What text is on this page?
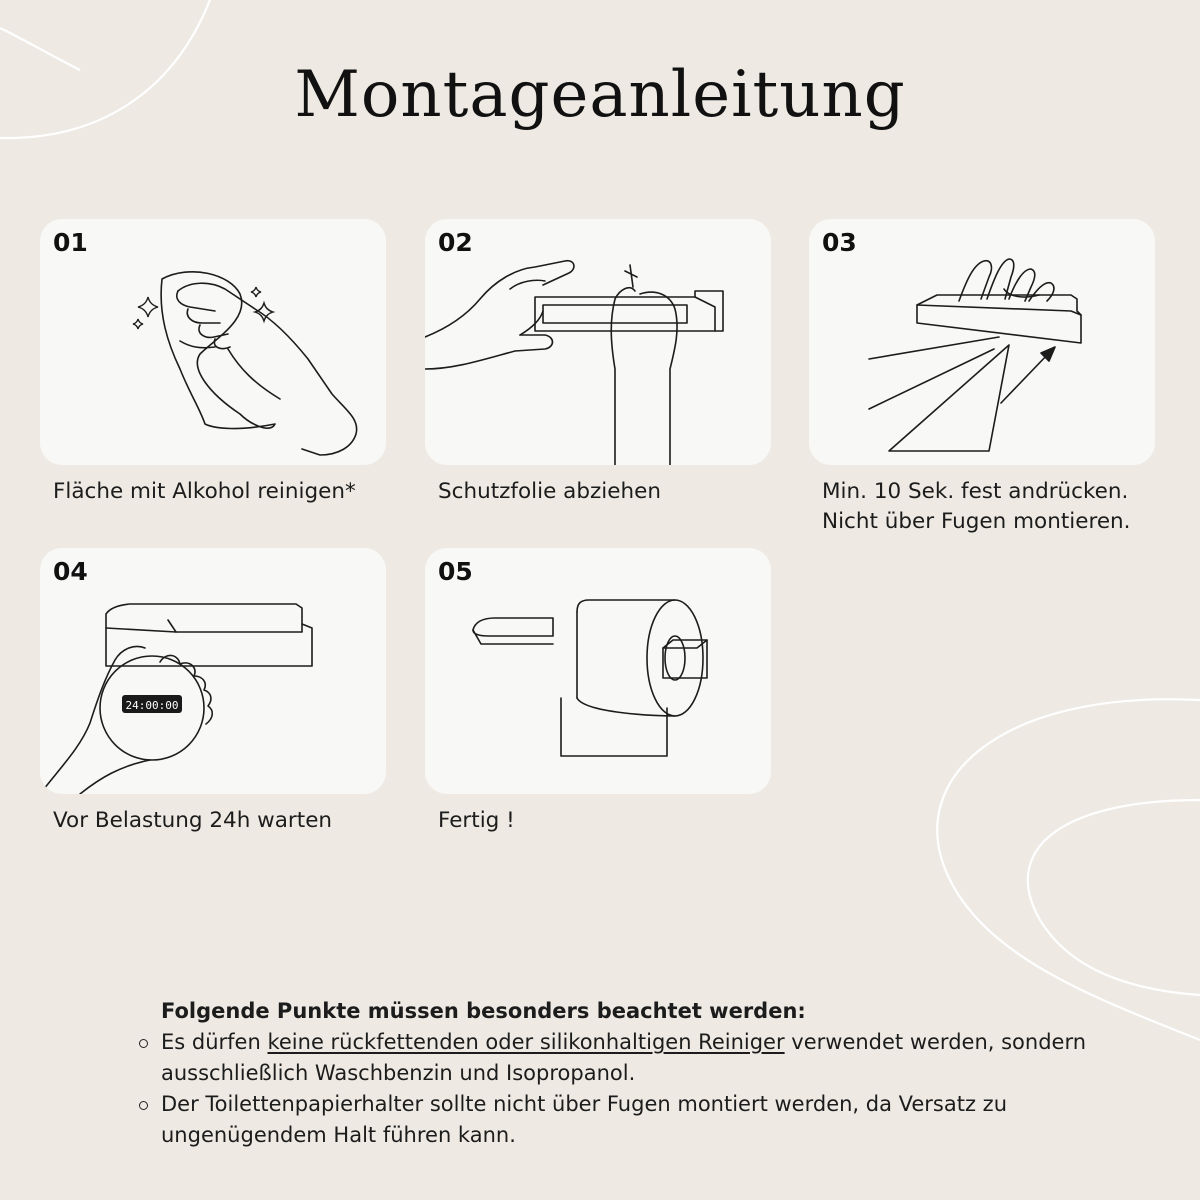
Montageanleitung
01
Fläche mit Alkohol reinigen*
02
Schutzfolie abziehen
03
Min. 10 Sek. fest andrücken.
Nicht über Fugen montieren.
24:00:00
04
Vor Belastung 24h warten
05
Fertig !
Folgende Punkte müssen besonders beachtet werden:
Es dürfen keine rückfettenden oder silikonhaltigen Reiniger verwendet werden, sondern ausschließlich Waschbenzin und Isopropanol.
Der Toilettenpapierhalter sollte nicht über Fugen montiert werden, da Versatz zu ungenügendem Halt führen kann.
